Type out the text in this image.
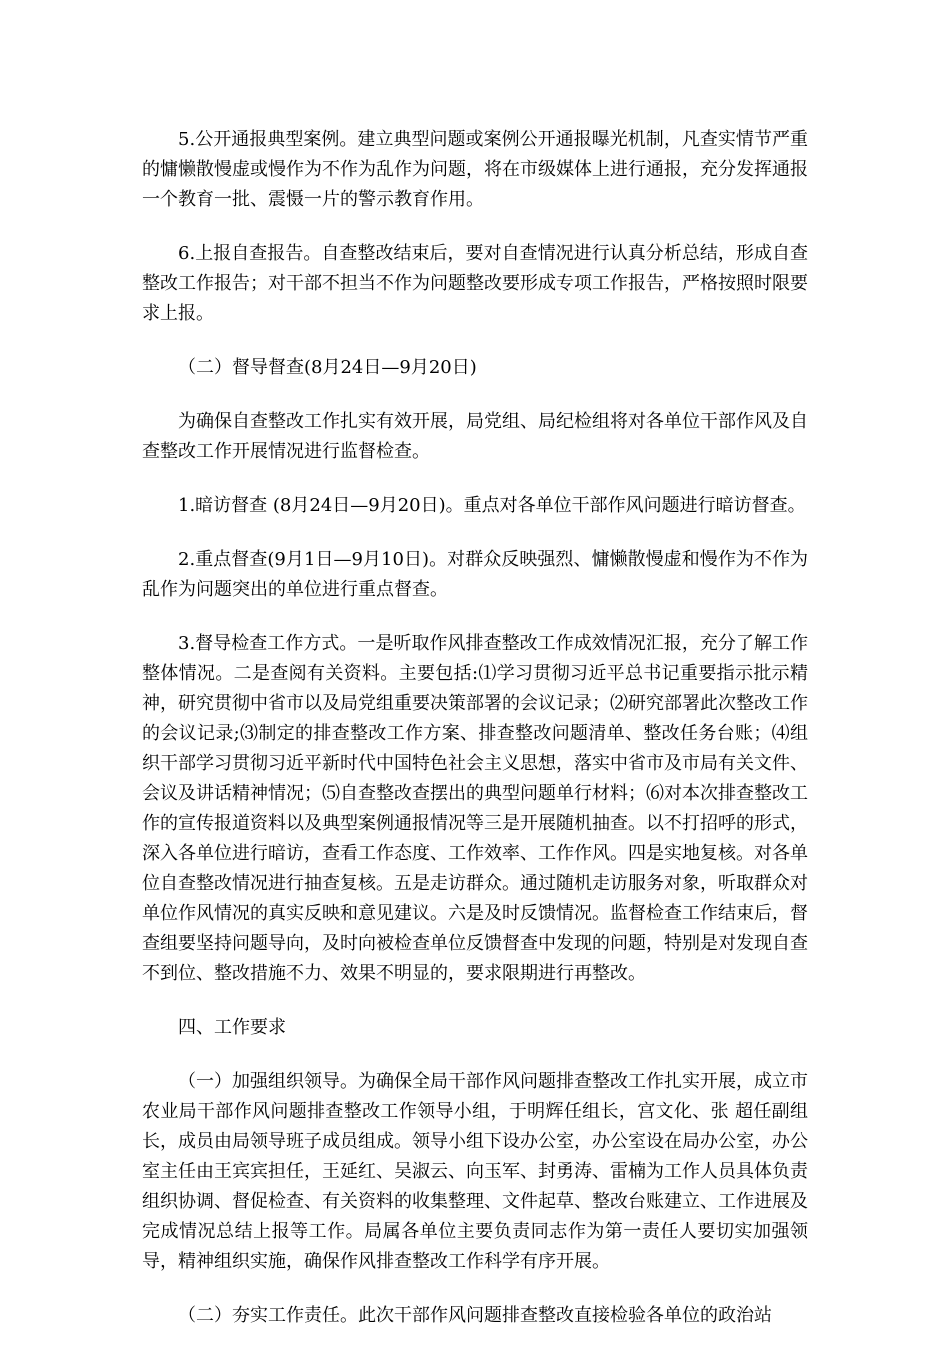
5.公开通报典型案例。建立典型问题或案例公开通报曝光机制，凡查实情节严重的慵懒散慢虚或慢作为不作为乱作为问题，将在市级媒体上进行通报，充分发挥通报一个教育一批、震慑一片的警示教育作用。

6.上报自查报告。自查整改结束后，要对自查情况进行认真分析总结，形成自查整改工作报告；对干部不担当不作为问题整改要形成专项工作报告，严格按照时限要求上报。

（二）督导督查(8月24日—9月20日)

为确保自查整改工作扎实有效开展，局党组、局纪检组将对各单位干部作风及自查整改工作开展情况进行监督检查。

1.暗访督查 (8月24日—9月20日)。重点对各单位干部作风问题进行暗访督查。

2.重点督查(9月1日—9月10日)。对群众反映强烈、慵懒散慢虚和慢作为不作为乱作为问题突出的单位进行重点督查。

3.督导检查工作方式。一是听取作风排查整改工作成效情况汇报，充分了解工作整体情况。二是查阅有关资料。主要包括:⑴学习贯彻习近平总书记重要指示批示精神，研究贯彻中省市以及局党组重要决策部署的会议记录；⑵研究部署此次整改工作的会议记录;⑶制定的排查整改工作方案、排查整改问题清单、整改任务台账；⑷组织干部学习贯彻习近平新时代中国特色社会主义思想，落实中省市及市局有关文件、会议及讲话精神情况；⑸自查整改查摆出的典型问题单行材料；⑹对本次排查整改工作的宣传报道资料以及典型案例通报情况等三是开展随机抽查。以不打招呼的形式，深入各单位进行暗访，查看工作态度、工作效率、工作作风。四是实地复核。对各单位自查整改情况进行抽查复核。五是走访群众。通过随机走访服务对象，听取群众对单位作风情况的真实反映和意见建议。六是及时反馈情况。监督检查工作结束后，督查组要坚持问题导向，及时向被检查单位反馈督查中发现的问题，特别是对发现自查不到位、整改措施不力、效果不明显的，要求限期进行再整改。

四、工作要求

（一）加强组织领导。为确保全局干部作风问题排查整改工作扎实开展，成立市农业局干部作风问题排查整改工作领导小组，于明辉任组长，宫文化、张 超任副组长，成员由局领导班子成员组成。领导小组下设办公室，办公室设在局办公室，办公室主任由王宾宾担任，王延红、吴淑云、向玉军、封勇涛、雷楠为工作人员具体负责组织协调、督促检查、有关资料的收集整理、文件起草、整改台账建立、工作进展及完成情况总结上报等工作。局属各单位主要负责同志作为第一责任人要切实加强领导，精神组织实施，确保作风排查整改工作科学有序开展。

（二）夯实工作责任。此次干部作风问题排查整改直接检验各单位的政治站
